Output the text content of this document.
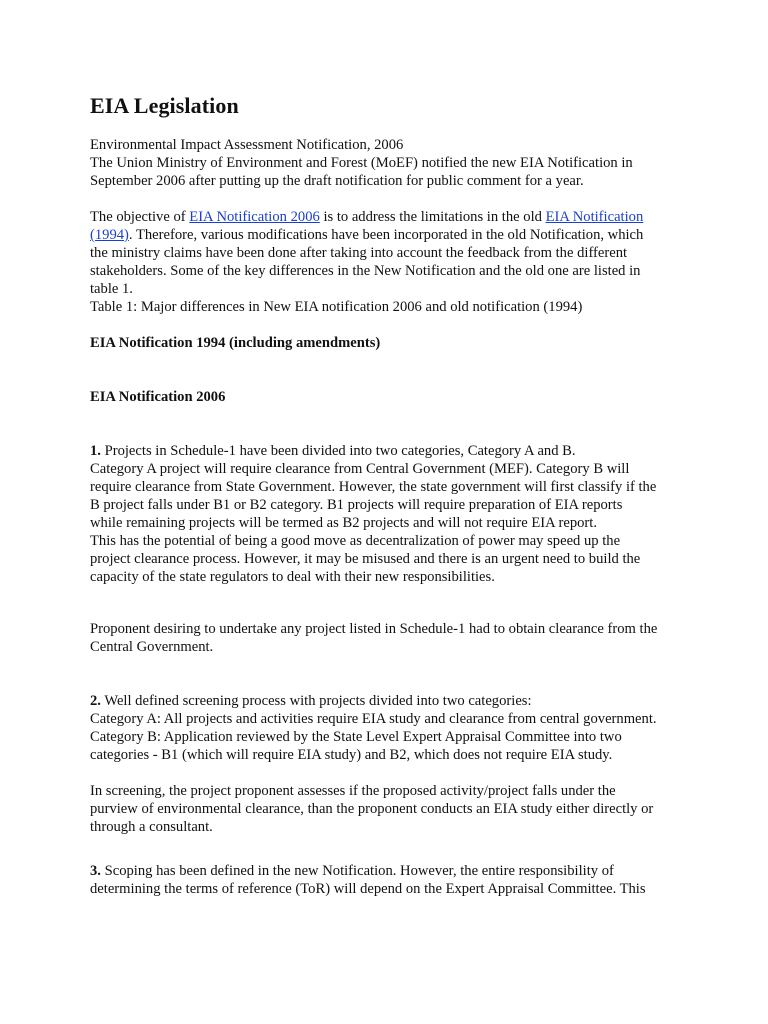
EIA Legislation

Environmental Impact Assessment Notification, 2006

The Union Ministry of Environment and Forest (MoEF) notified the new EIA Notification in

September 2006 after putting up the draft notification for public comment for a year.

The objective of EIA Notification 2006 is to address the limitations in the old EIA Notification

(1994). Therefore, various modifications have been incorporated in the old Notification, which

the ministry claims have been done after taking into account the feedback from the different

stakeholders. Some of the key differences in the New Notification and the old one are listed in

table 1.

Table 1: Major differences in New EIA notification 2006 and old notification (1994)

EIA Notification 1994 (including amendments)
EIA Notification 2006

1. Projects in Schedule-1 have been divided into two categories, Category A and B.

Category A project will require clearance from Central Government (MEF). Category B will

require clearance from State Government. However, the state government will first classify if the

B project falls under B1 or B2 category. B1 projects will require preparation of EIA reports

while remaining projects will be termed as B2 projects and will not require EIA report.

This has the potential of being a good move as decentralization of power may speed up the

project clearance process. However, it may be misused and there is an urgent need to build the

capacity of the state regulators to deal with their new responsibilities.

Proponent desiring to undertake any project listed in Schedule-1 had to obtain clearance from the

Central Government.

2. Well defined screening process with projects divided into two categories:

Category A: All projects and activities require EIA study and clearance from central government.

Category B: Application reviewed by the State Level Expert Appraisal Committee into two

categories - B1 (which will require EIA study) and B2, which does not require EIA study.

In screening, the project proponent assesses if the proposed activity/project falls under the

purview of environmental clearance, than the proponent conducts an EIA study either directly or

through a consultant.

3. Scoping has been defined in the new Notification. However, the entire responsibility of

determining the terms of reference (ToR) will depend on the Expert Appraisal Committee. This
